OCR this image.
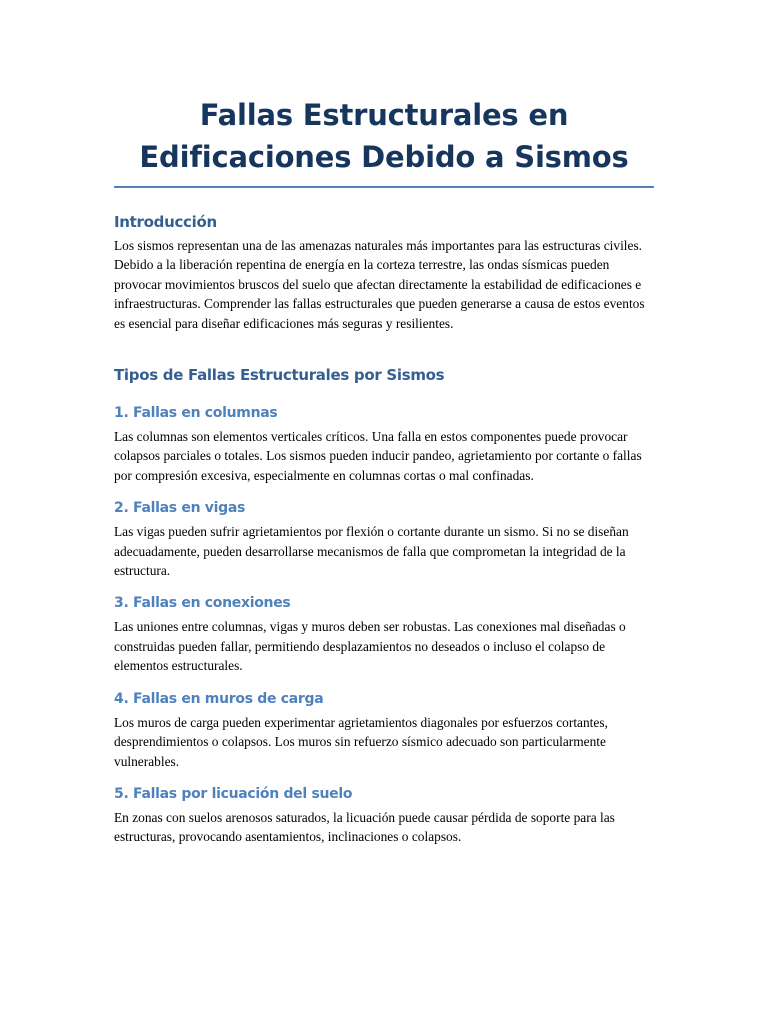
Fallas Estructurales en Edificaciones Debido a Sismos
Introducción

Los sismos representan una de las amenazas naturales más importantes para las estructuras civiles. Debido a la liberación repentina de energía en la corteza terrestre, las ondas sísmicas pueden provocar movimientos bruscos del suelo que afectan directamente la estabilidad de edificaciones e infraestructuras. Comprender las fallas estructurales que pueden generarse a causa de estos eventos es esencial para diseñar edificaciones más seguras y resilientes.

Tipos de Fallas Estructurales por Sismos
1. Fallas en columnas

Las columnas son elementos verticales críticos. Una falla en estos componentes puede provocar colapsos parciales o totales. Los sismos pueden inducir pandeo, agrietamiento por cortante o fallas por compresión excesiva, especialmente en columnas cortas o mal confinadas.

2. Fallas en vigas

Las vigas pueden sufrir agrietamientos por flexión o cortante durante un sismo. Si no se diseñan adecuadamente, pueden desarrollarse mecanismos de falla que comprometan la integridad de la estructura.

3. Fallas en conexiones

Las uniones entre columnas, vigas y muros deben ser robustas. Las conexiones mal diseñadas o construidas pueden fallar, permitiendo desplazamientos no deseados o incluso el colapso de elementos estructurales.

4. Fallas en muros de carga

Los muros de carga pueden experimentar agrietamientos diagonales por esfuerzos cortantes, desprendimientos o colapsos. Los muros sin refuerzo sísmico adecuado son particularmente vulnerables.

5. Fallas por licuación del suelo

En zonas con suelos arenosos saturados, la licuación puede causar pérdida de soporte para las estructuras, provocando asentamientos, inclinaciones o colapsos.
